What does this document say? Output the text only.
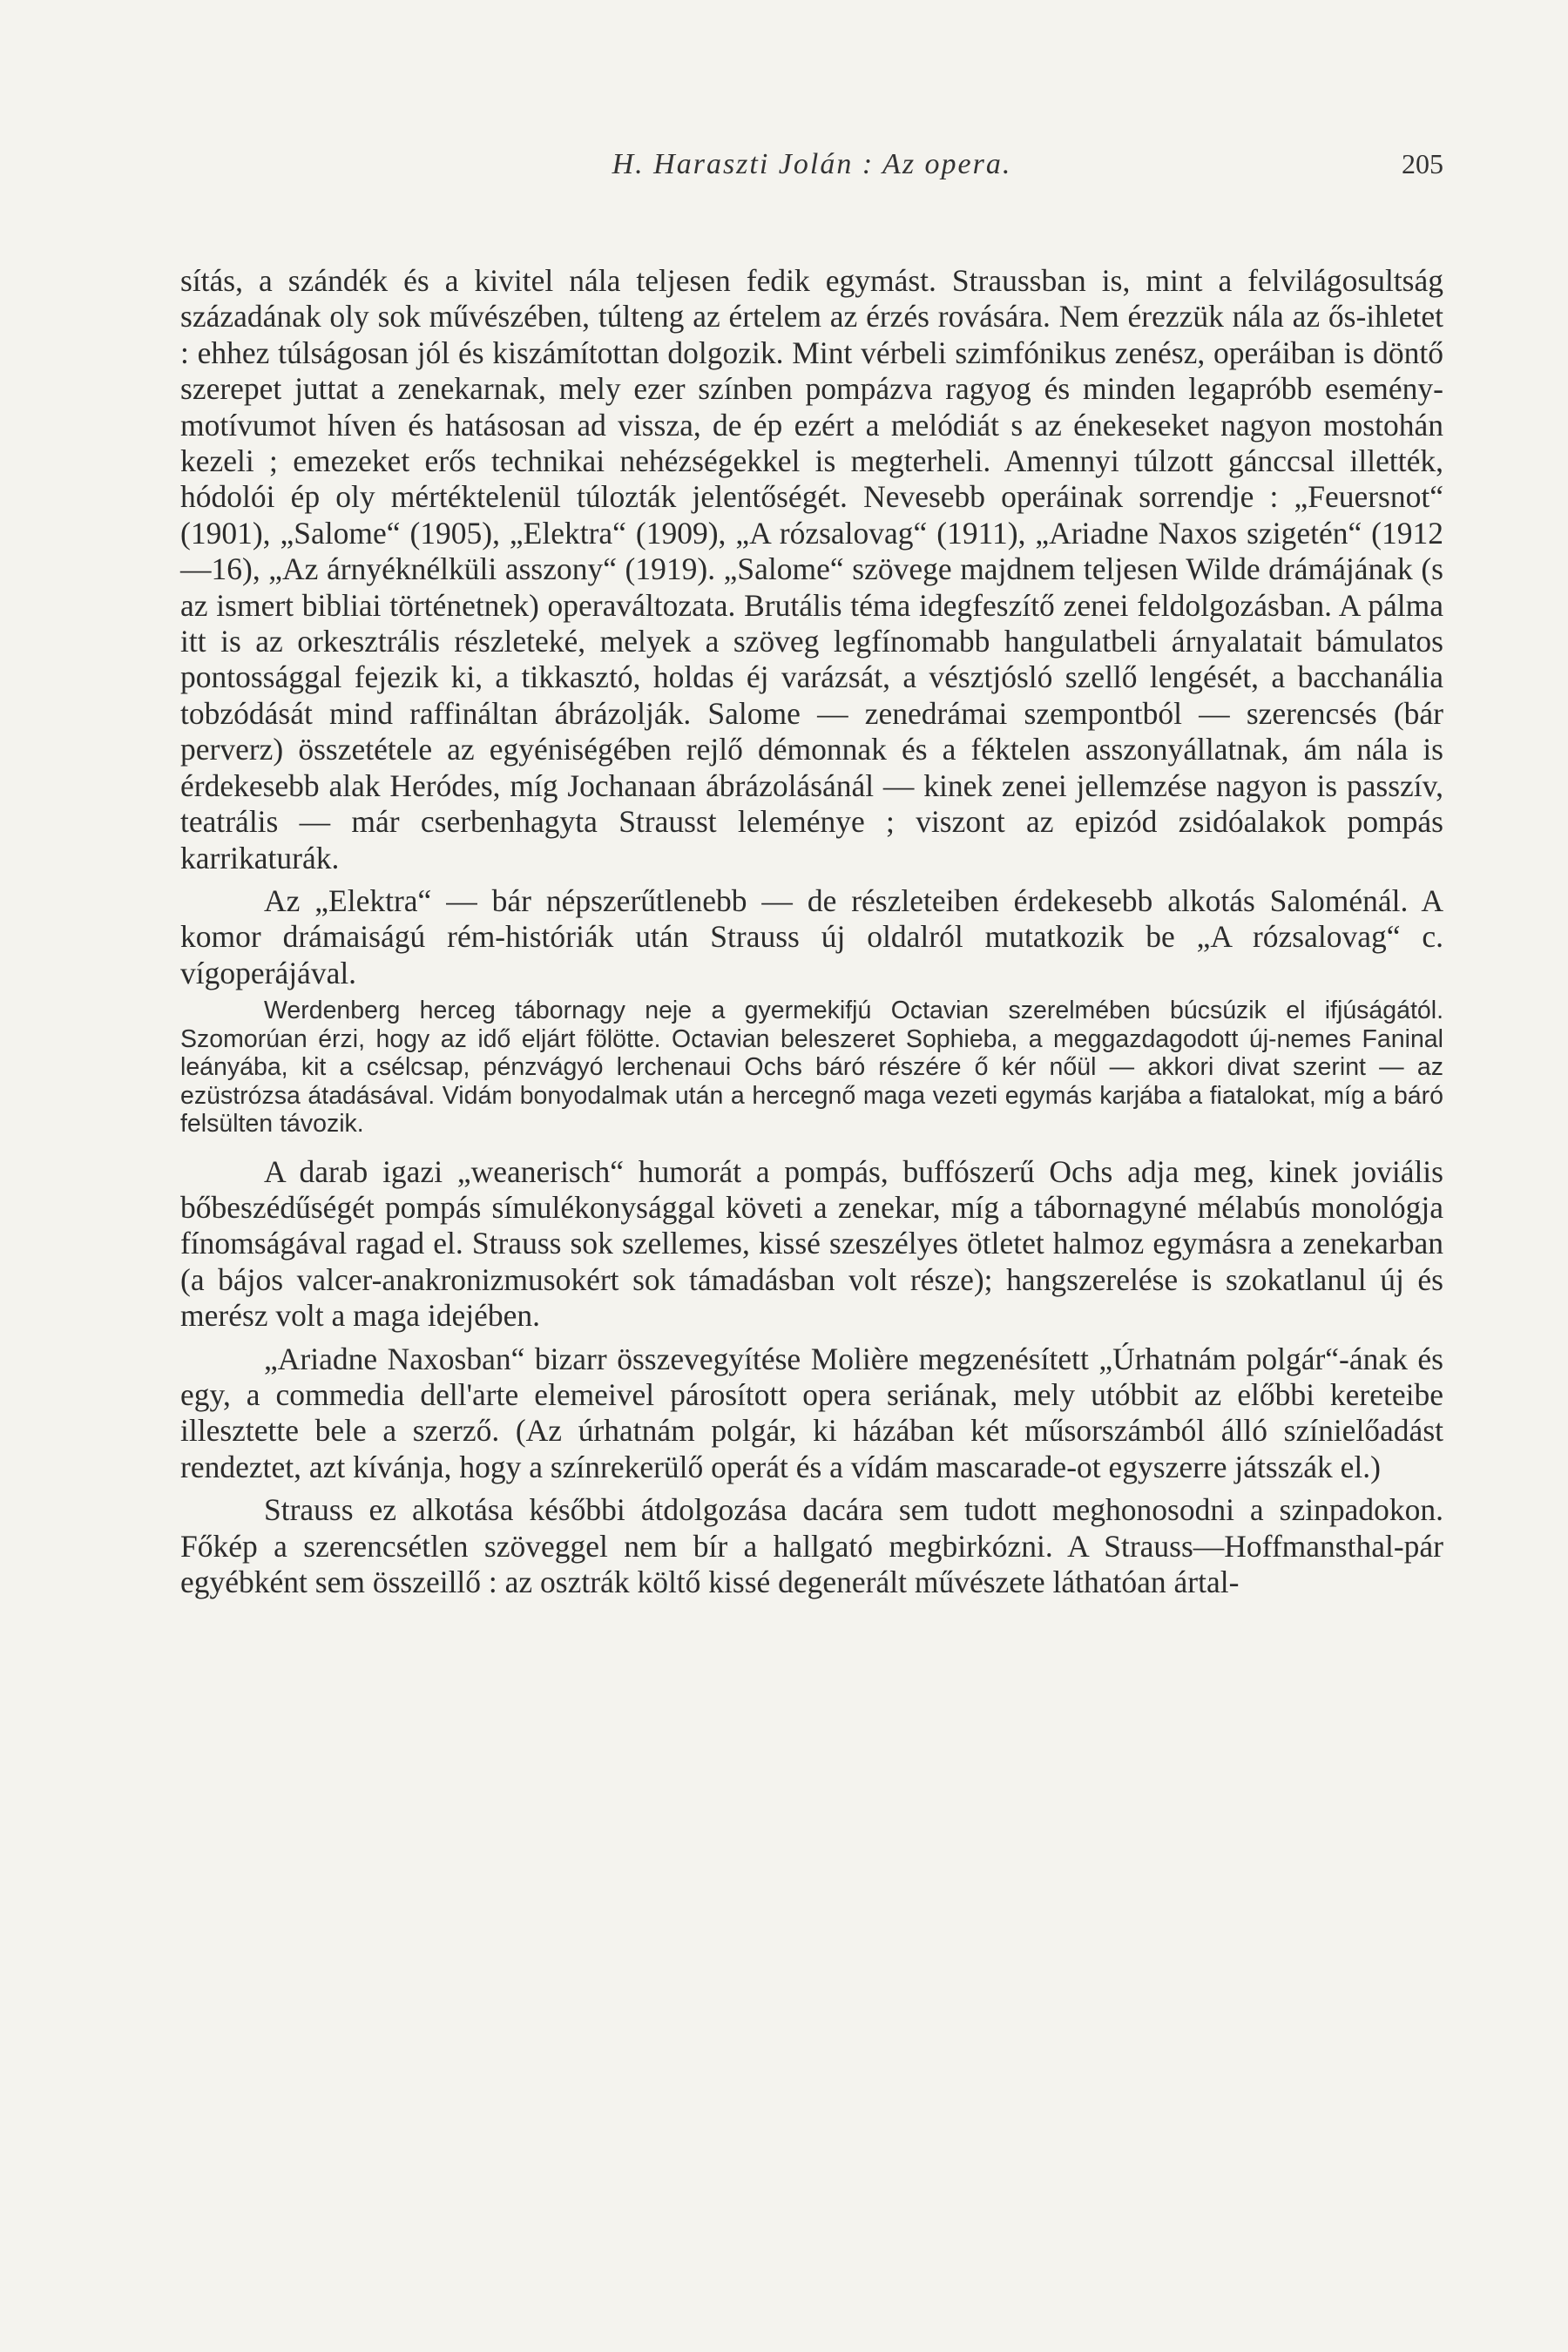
H. Haraszti Jolán : Az opera.	205

sítás, a szándék és a kivitel nála teljesen fedik egymást. Straussban is, mint a felvilágosultság századának oly sok művészében, túlteng az értelem az érzés rovására. Nem érezzük nála az ős-ihletet : ehhez túlságosan jól és kiszámítottan dolgozik. Mint vérbeli szimfónikus zenész, operáiban is döntő szerepet juttat a zenekarnak, mely ezer színben pompázva ragyog és minden legapróbb esemény-motívumot híven és hatásosan ad vissza, de ép ezért a melódiát s az énekeseket nagyon mostohán kezeli ; emezeket erős technikai nehézségekkel is megterheli. Amennyi túlzott gánccsal illették, hódolói ép oly mértéktelenül túlozták jelentőségét. Nevesebb operáinak sorrendje : „Feuersnot“ (1901), „Salome“ (1905), „Elektra“ (1909), „A rózsalovag“ (1911), „Ariadne Naxos szigetén“ (1912—16), „Az árnyéknélküli asszony“ (1919). „Salome“ szövege majdnem teljesen Wilde drámájának (s az ismert bibliai történetnek) operaváltozata. Brutális téma idegfeszítő zenei feldolgozásban. A pálma itt is az orkesztrális részleteké, melyek a szöveg legfínomabb hangulatbeli árnyalatait bámulatos pontossággal fejezik ki, a tikkasztó, holdas éj varázsát, a vésztjósló szellő lengését, a bacchanália tobzódását mind raffináltan ábrázolják. Salome — zenedrámai szempontból — szerencsés (bár perverz) összetétele az egyéniségében rejlő démonnak és a féktelen asszonyállatnak, ám nála is érdekesebb alak Heródes, míg Jochanaan ábrázolásánál — kinek zenei jellemzése nagyon is passzív, teatrális — már cserbenhagyta Strausst leleménye ; viszont az epizód zsidóalakok pompás karrikaturák.

Az „Elektra“ — bár népszerűtlenebb — de részleteiben érdekesebb alkotás Saloménál. A komor drámaiságú rém-históriák után Strauss új oldalról mutatkozik be „A rózsalovag“ c. vígoperájával.

Werdenberg herceg tábornagy neje a gyermekifjú Octavian szerelmében búcsúzik el ifjúságától. Szomorúan érzi, hogy az idő eljárt fölötte. Octavian beleszeret Sophieba, a meggazdagodott új-nemes Faninal leányába, kit a csélcsap, pénzvágyó lerchenaui Ochs báró részére ő kér nőül — akkori divat szerint — az ezüstrózsa átadásával. Vidám bonyodalmak után a hercegnő maga vezeti egymás karjába a fiatalokat, míg a báró felsülten távozik.

A darab igazi „weanerisch“ humorát a pompás, buffószerű Ochs adja meg, kinek joviális bőbeszédűségét pompás símulékonysággal követi a zenekar, míg a tábornagyné mélabús monológja fínomságával ragad el. Strauss sok szellemes, kissé szeszélyes ötletet halmoz egymásra a zenekarban (a bájos valcer-anakronizmusokért sok támadásban volt része); hangszerelése is szokatlanul új és merész volt a maga idejében.

„Ariadne Naxosban“ bizarr összevegyítése Molière megzenésített „Úrhatnám polgár“-ának és egy, a commedia dell'arte elemeivel párosított opera seriának, mely utóbbit az előbbi kereteibe illesztette bele a szerző. (Az úrhatnám polgár, ki házában két műsorszámból álló színielőadást rendeztet, azt kívánja, hogy a színrekerülő operát és a vídám mascarade-ot egyszerre játsszák el.)

Strauss ez alkotása későbbi átdolgozása dacára sem tudott meghonosodni a szinpadokon. Főkép a szerencsétlen szöveggel nem bír a hallgató megbirkózni. A Strauss—Hoffmansthal-pár egyébként sem összeillő : az osztrák költő kissé degenerált művészete láthatóan ártal-
